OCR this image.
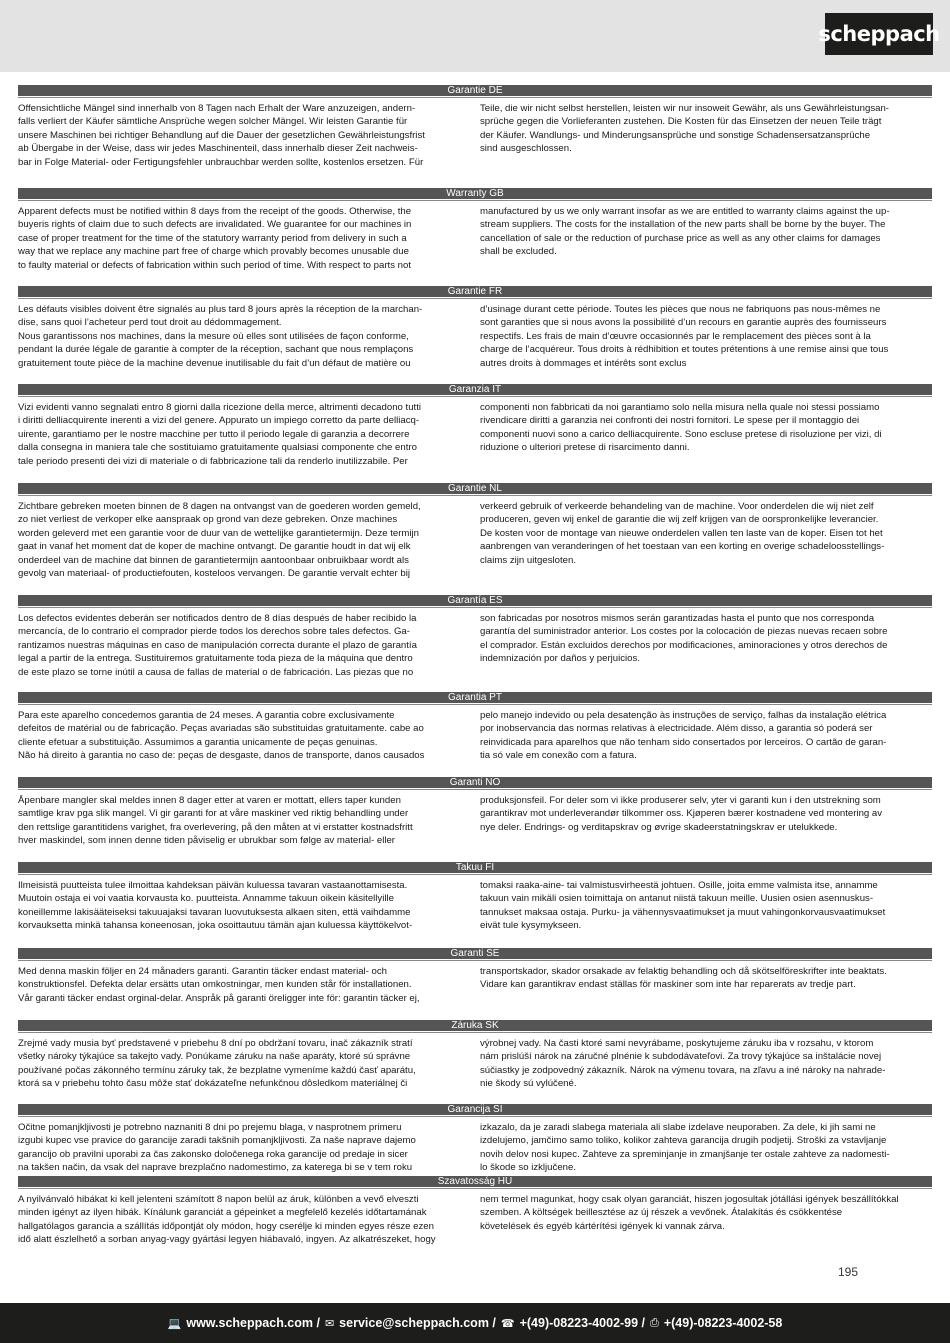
scheppach
Garantie DE
Offensichtliche Mängel sind innerhalb von 8 Tagen nach Erhalt der Ware anzuzeigen, andern-
falls verliert der Käufer sämtliche Ansprüche wegen solcher Mängel. Wir leisten Garantie für
unsere Maschinen bei richtiger Behandlung auf die Dauer der gesetzlichen Gewährleistungsfrist
ab Übergabe in der Weise, dass wir jedes Maschinenteil, dass innerhalb dieser Zeit nachweis-
bar in Folge Material- oder Fertigungsfehler unbrauchbar werden sollte, kostenlos ersetzen. Für
Teile, die wir nicht selbst herstellen, leisten wir nur insoweit Gewähr, als uns Gewährleistungsan-
sprüche gegen die Vorlieferanten zustehen. Die Kosten für das Einsetzen der neuen Teile trägt
der Käufer. Wandlungs- und Minderungsansprüche und sonstige Schadensersatzansprüche
sind ausgeschlossen.
Warranty GB
Apparent defects must be notified within 8 days from the receipt of the goods. Otherwise, the
buyeris rights of claim due to such defects are invalidated. We guarantee for our machines in
case of proper treatment for the time of the statutory warranty period from delivery in such a
way that we replace any machine part free of charge which provably becomes unusable due
to faulty material or defects of fabrication within such period of time. With respect to parts not
manufactured by us we only warrant insofar as we are entitled to warranty claims against the up-
stream suppliers. The costs for the installation of the new parts shall be borne by the buyer. The
cancellation of sale or the reduction of purchase price as well as any other claims for damages
shall be excluded.
Garantie FR
Les défauts visibles doivent être signalés au plus tard 8 jours après la réception de la marchan-
dise, sans quoi l’acheteur perd tout droit au dédommagement.
Nous garantissons nos machines, dans la mesure où elles sont utilisées de façon conforme,
pendant la durée légale de garantie à compter de la réception, sachant que nous remplaçons
gratuitement toute pièce de la machine devenue inutilisable du fait d’un défaut de matière ou
d’usinage durant cette période. Toutes les pièces que nous ne fabriquons pas nous-mêmes ne
sont garanties que si nous avons la possibilité d’un recours en garantie auprès des fournisseurs
respectifs. Les frais de main d’œuvre occasionnés par le remplacement des pièces sont à la
charge de l’acquéreur. Tous droits à rédhibition et toutes prétentions à une remise ainsi que tous
autres droits à dommages et intérêts sont exclus
Garanzia IT
Vizi evidenti vanno segnalati entro 8 giorni dalla ricezione della merce, altrimenti decadono tutti
i diritti delliacquirente inerenti a vizi del genere. Appurato un impiego corretto da parte delliacq-
uirente, garantiamo per le nostre macchine per tutto il periodo legale di garanzia a decorrere
dalla consegna in maniera tale che sostituiamo gratuitamente qualsiasi componente che entro
tale periodo presenti dei vizi di materiale o di fabbricazione tali da renderlo inutilizzabile. Per
componenti non fabbricati da noi garantiamo solo nella misura nella quale noi stessi possiamo
rivendicare diritti a garanzia nei confronti dei nostri fornitori. Le spese per il montaggio dei
componenti nuovi sono a carico delliacquirente. Sono escluse pretese di risoluzione per vizi, di
riduzione o ulteriori pretese di risarcimento danni.
Garantie NL
Zichtbare gebreken moeten binnen de 8 dagen na ontvangst van de goederen worden gemeld,
zo niet verliest de verkoper elke aanspraak op grond van deze gebreken. Onze machines
worden geleverd met een garantie voor de duur van de wettelijke garantietermijn. Deze termijn
gaat in vanaf het moment dat de koper de machine ontvangt. De garantie houdt in dat wij elk
onderdeel van de machine dat binnen de garantietermijn aantoonbaar onbruikbaar wordt als
gevolg van materiaal- of productiefouten, kosteloos vervangen. De garantie vervalt echter bij
verkeerd gebruik of verkeerde behandeling van de machine. Voor onderdelen die wij niet zelf
produceren, geven wij enkel de garantie die wij zelf krijgen van de oorspronkelijke leverancier.
De kosten voor de montage van nieuwe onderdelen vallen ten laste van de koper. Eisen tot het
aanbrengen van veranderingen of het toestaan van een korting en overige schadeloosstellings-
claims zijn uitgesloten.
Garantía ES
Los defectos evidentes deberán ser notificados dentro de 8 días después de haber recibido la
mercancía, de lo contrario el comprador pierde todos los derechos sobre tales defectos. Ga-
rantizamos nuestras máquinas en caso de manipulación correcta durante el plazo de garantía
legal a partir de la entrega. Sustituiremos gratuitamente toda pieza de la máquina que dentro
de este plazo se torne inútil a causa de fallas de material o de fabricación. Las piezas que no
son fabricadas por nosotros mismos serán garantizadas hasta el punto que nos corresponda
garantía del suministrador anterior. Los costes por la colocación de piezas nuevas recaen sobre
el comprador. Están excluidos derechos por modificaciones, aminoraciones y otros derechos de
indemnización por daños y perjuicios.
Garantia PT
Para este aparelho concedemos garantia de 24 meses. A garantia cobre exclusivamente
defeitos de matérial ou de fabricação. Peças avariadas são substituidas gratuitamente. cabe ao
cliente efetuar a substituição. Assumimos a garantia unicamente de peças genuinas.
Não há direito à garantia no caso de: peças de desgaste, danos de transporte, danos causados
pelo manejo indevido ou pela desatenção às instruções de serviço, falhas da instalação elétrica
por inobservancia das normas relativas à electricidade. Além disso, a garantia só poderá ser
reinvidicada para aparelhos que não tenham sido consertados por lerceiros. O cartão de garan-
tia só vale em conexão com a fatura.
Garanti NO
Åpenbare mangler skal meldes innen 8 dager etter at varen er mottatt, ellers taper kunden
samtlige krav pga slik mangel. Vi gir garanti for at våre maskiner ved riktig behandling under
den rettslige garantitidens varighet, fra overlevering, på den måten at vi erstatter kostnadsfritt
hver maskindel, som innen denne tiden påviselig er ubrukbar som følge av material- eller
produksjonsfeil. For deler som vi ikke produserer selv, yter vi garanti kun i den utstrekning som
garantikrav mot underleverandør tilkommer oss. Kjøperen bærer kostnadene ved montering av
nye deler. Endrings- og verditapskrav og øvrige skadeerstatningskrav er utelukkede.
Takuu FI
Ilmeisistä puutteista tulee ilmoittaa kahdeksan päivän kuluessa tavaran vastaanottamisesta.
Muutoin ostaja ei voi vaatia korvausta ko. puutteista. Annamme takuun oikein käsitellyille
koneillemme lakisääteiseksi takuuajaksi tavaran luovutuksesta alkaen siten, että vaihdamme
korvauksetta minkä tahansa koneenosan, joka osoittautuu tämän ajan kuluessa käyttökelvot-
tomaksi raaka-aine- tai valmistusvirheestä johtuen. Osille, joita emme valmista itse, annamme
takuun vain mikäli osien toimittaja on antanut niistä takuun meille. Uusien osien asennuskus-
tannukset maksaa ostaja. Purku- ja vähennysvaatimukset ja muut vahingonkorvausvaatimukset
eivät tule kysymykseen.
Garanti SE
Med denna maskin följer en 24 månaders garanti. Garantin täcker endast material- och
konstruktionsfel. Defekta delar ersätts utan omkostningar, men kunden står för installationen.
Vår garanti täcker endast orginal-delar. Anspråk på garanti öreligger inte för: garantin täcker ej,
transportskador, skador orsakade av felaktig behandling och då skötselföreskrifter inte beaktats.
Vidare kan garantikrav endast ställas för maskiner som inte har reparerats av tredje part.
Záruka SK
Zrejmé vady musia byť predstavené v priebehu 8 dní po obdržaní tovaru, inač zákazník stratí
všetky nároky týkajúce sa takejto vady. Ponúkame záruku na naše aparáty, ktoré sú správne
používané počas zákonného termínu záruky tak, že bezplatne vymeníme každú časť aparátu,
ktorá sa v priebehu tohto času môže stať dokázateľne nefunkčnou dôsledkom materiálnej či
výrobnej vady. Na časti ktoré sami nevyrábame, poskytujeme záruku iba v rozsahu, v ktorom
nám prislúší nárok na záručné plnénie k subdodávateľovi. Za trovy týkajúce sa inštalácie novej
súčiastky je zodpovedný zákazník. Nárok na výmenu tovara, na zľavu a iné nároky na nahrade-
nie škody sú vylúčené.
Garancija SI
Očitne pomanjkljivosti je potrebno naznaniti 8 dni po prejemu blaga, v nasprotnem primeru
izgubi kupec vse pravice do garancije zaradi takšnih pomanjkljivosti. Za naše naprave dajemo
garancijo ob pravilni uporabi za čas zakonsko določenega roka garancije od predaje in sicer
na takšen način, da vsak del naprave brezplačno nadomestimo, za katerega bi se v tem roku
izkazalo, da je zaradi slabega materiala ali slabe izdelave neuporaben. Za dele, ki jih sami ne
izdelujemo, jamčimo samo toliko, kolikor zahteva garancija drugih podjetij. Stroški za vstavljanje
novih delov nosi kupec. Zahteve za spreminjanje in zmanjšanje ter ostale zahteve za nadomesti-
lo škode so izključene.
Szavatosság HU
A nyilvánvaló hibákat ki kell jelenteni számított 8 napon belül az áruk, különben a vevő elveszti
minden igényt az ilyen hibák. Kínálunk garanciát a gépeinket a megfelelő kezelés időtartamának
hallgatólagos garancia a szállítás időpontját oly módon, hogy cserélje ki minden egyes része ezen
idő alatt észlelhető a sorban anyag-vagy gyártási legyen hiábavaló, ingyen. Az alkatrészeket, hogy
nem termel magunkat, hogy csak olyan garanciát, hiszen jogosultak jótállási igények beszállítókkal
szemben. A költségek beillesztése az új részek a vevőnek. Átalakítás és csökkentése
követelések és egyéb kártérítési igények ki vannak zárva.
195
💻 www.scheppach.com / ✉ service@scheppach.com / ☎ +(49)-08223-4002-99 / ⎙ +(49)-08223-4002-58
